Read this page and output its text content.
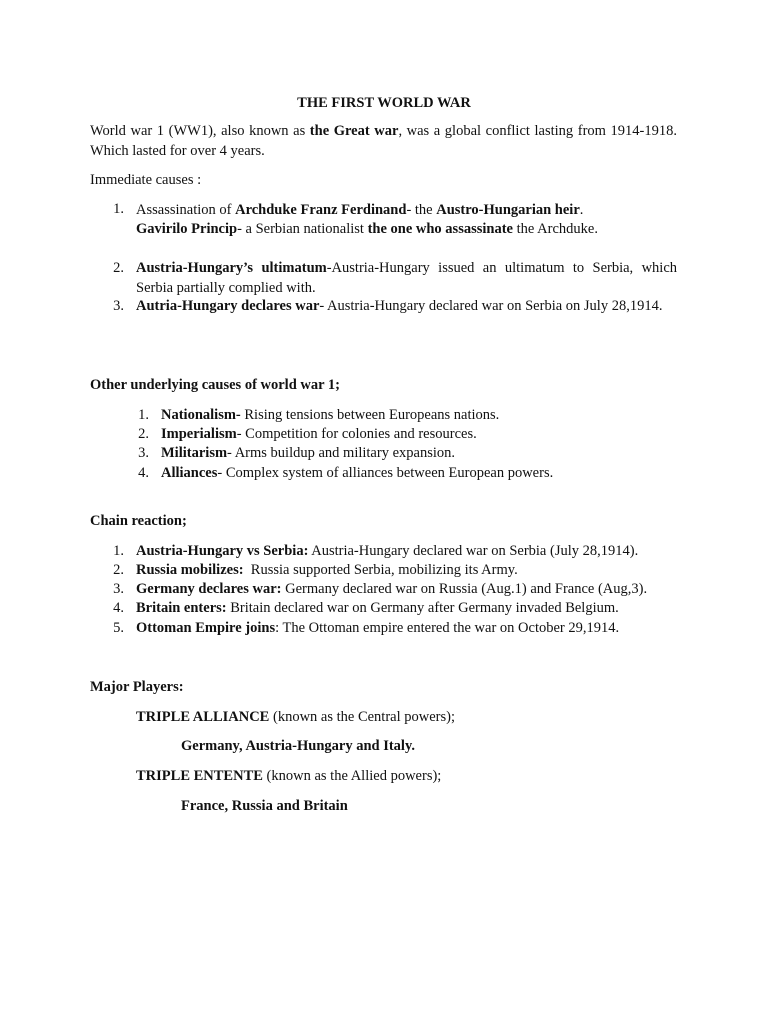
THE FIRST WORLD WAR
World war 1 (WW1), also known as the Great war, was a global conflict lasting from 1914-1918. Which lasted for over 4 years.
Immediate causes :
1. Assassination of Archduke Franz Ferdinand- the Austro-Hungarian heir.
Gavirilo Princip- a Serbian nationalist the one who assassinate the Archduke.
2. Austria-Hungary’s ultimatum-Austria-Hungary issued an ultimatum to Serbia, which Serbia partially complied with.
3. Autria-Hungary declares war- Austria-Hungary declared war on Serbia on July 28,1914.
Other underlying causes of world war 1;
1. Nationalism- Rising tensions between Europeans nations.
2. Imperialism- Competition for colonies and resources.
3. Militarism- Arms buildup and military expansion.
4. Alliances- Complex system of alliances between European powers.
Chain reaction;
1. Austria-Hungary vs Serbia: Austria-Hungary declared war on Serbia (July 28,1914).
2. Russia mobilizes:  Russia supported Serbia, mobilizing its Army.
3. Germany declares war: Germany declared war on Russia (Aug.1) and France (Aug,3).
4. Britain enters: Britain declared war on Germany after Germany invaded Belgium.
5. Ottoman Empire joins: The Ottoman empire entered the war on October 29,1914.
Major Players:
TRIPLE ALLIANCE (known as the Central powers);
Germany, Austria-Hungary and Italy.
TRIPLE ENTENTE (known as the Allied powers);
France, Russia and Britain
